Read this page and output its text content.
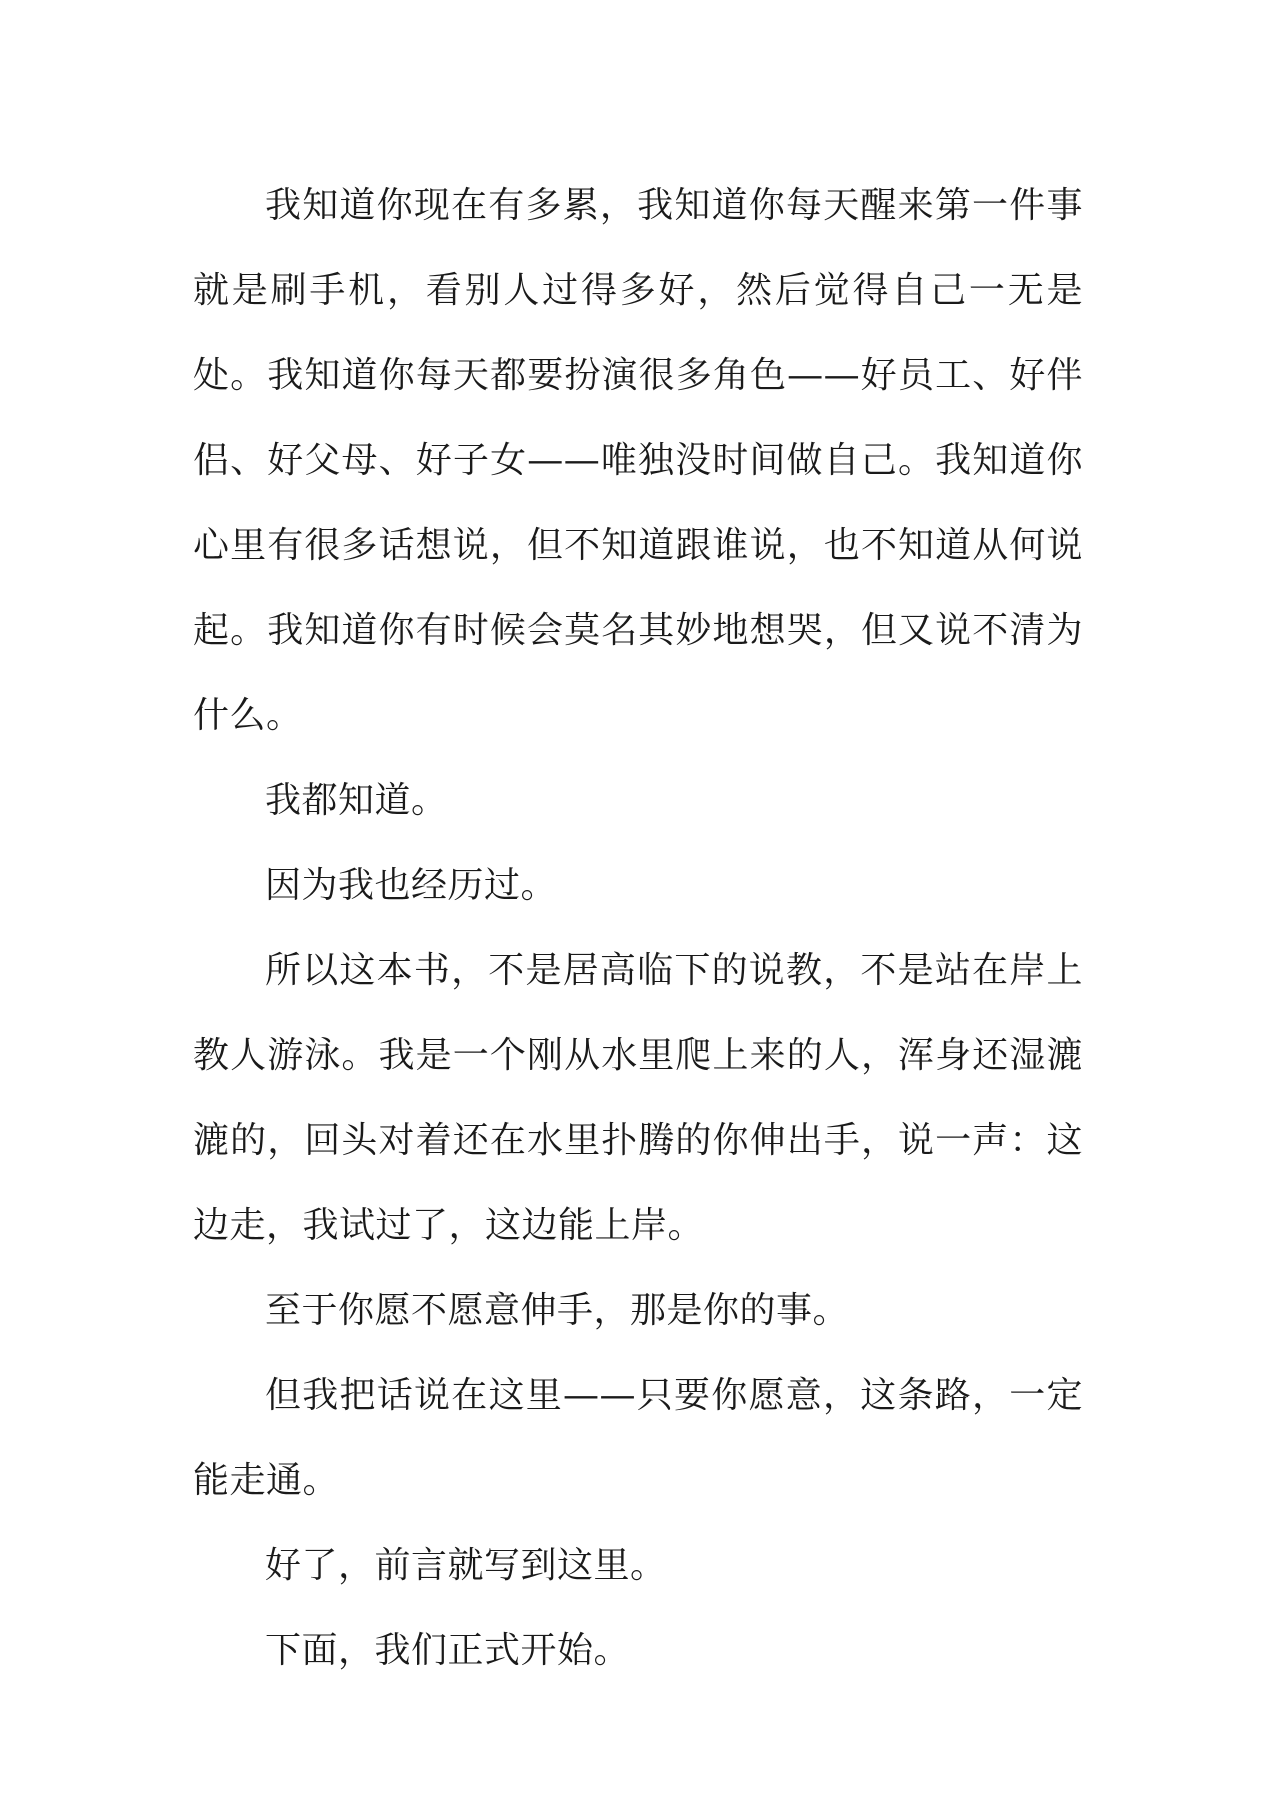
我知道你现在有多累，我知道你每天醒来第一件事就是刷手机，看别人过得多好，然后觉得自己一无是处。我知道你每天都要扮演很多角色——好员工、好伴侣、好父母、好子女——唯独没时间做自己。我知道你心里有很多话想说，但不知道跟谁说，也不知道从何说起。我知道你有时候会莫名其妙地想哭，但又说不清为什么。

我都知道。

因为我也经历过。

所以这本书，不是居高临下的说教，不是站在岸上教人游泳。我是一个刚从水里爬上来的人，浑身还湿漉漉的，回头对着还在水里扑腾的你伸出手，说一声：这边走，我试过了，这边能上岸。

至于你愿不愿意伸手，那是你的事。

但我把话说在这里——只要你愿意，这条路，一定能走通。

好了，前言就写到这里。

下面，我们正式开始。
